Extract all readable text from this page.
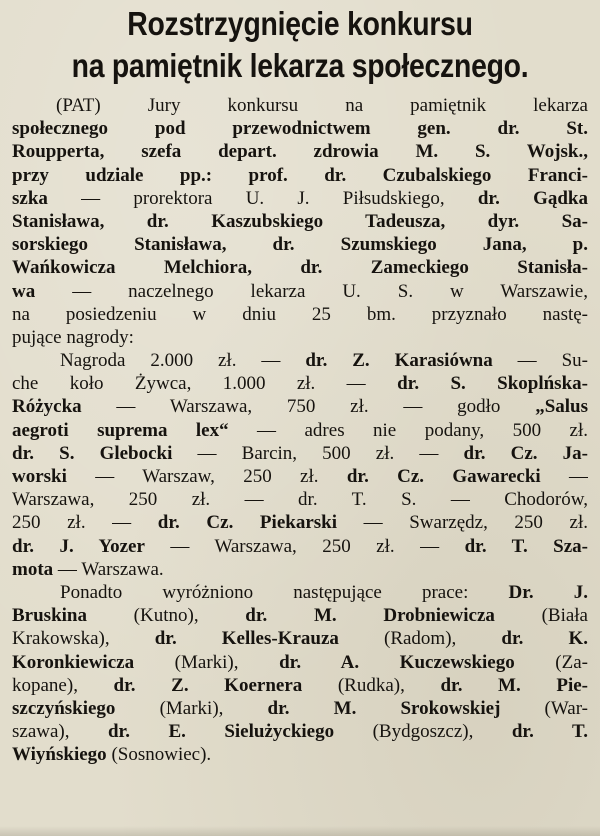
Rozstrzygnięcie konkursu
na pamiętnik lekarza społecznego.
(PAT) Jury konkursu na pamiętnik lekarza
społecznego pod przewodnictwem gen. dr. St.
Roupperta, szefa depart. zdrowia M. S. Wojsk.,
przy udziale pp.: prof. dr. Czubalskiego Franci-
szka — prorektora U. J. Piłsudskiego, dr. Gądka
Stanisława, dr. Kaszubskiego Tadeusza, dyr. Sa-
sorskiego Stanisława, dr. Szumskiego Jana, p.
Wańkowicza Melchiora, dr. Zameckiego Stanisła-
wa — naczelnego lekarza U. S. w Warszawie,
na posiedzeniu w dniu 25 bm. przyznało nastę-
pujące nagrody:
Nagroda 2.000 zł. — dr. Z. Karasiówna — Su-
che koło Żywca, 1.000 zł. — dr. S. Skoplńska-
Różycka — Warszawa, 750 zł. — godło „Salus
aegroti suprema lex“ — adres nie podany, 500 zł.
dr. S. Glebocki — Barcin, 500 zł. — dr. Cz. Ja-
worski — Warszaw, 250 zł. dr. Cz. Gawarecki —
Warszawa, 250 zł. — dr. T. S. — Chodorów,
250 zł. — dr. Cz. Piekarski — Swarzędz, 250 zł.
dr. J. Yozer — Warszawa, 250 zł. — dr. T. Sza-
mota — Warszawa.
Ponadto wyróżniono następujące prace: Dr. J.
Bruskina (Kutno), dr. M. Drobniewicza (Biała
Krakowska), dr. Kelles-Krauza (Radom), dr. K.
Koronkiewicza (Marki), dr. A. Kuczewskiego (Za-
kopane), dr. Z. Koernera (Rudka), dr. M. Pie-
szczyńskiego (Marki), dr. M. Srokowskiej (War-
szawa), dr. E. Sielużyckiego (Bydgoszcz), dr. T.
Wiyńskiego (Sosnowiec).
